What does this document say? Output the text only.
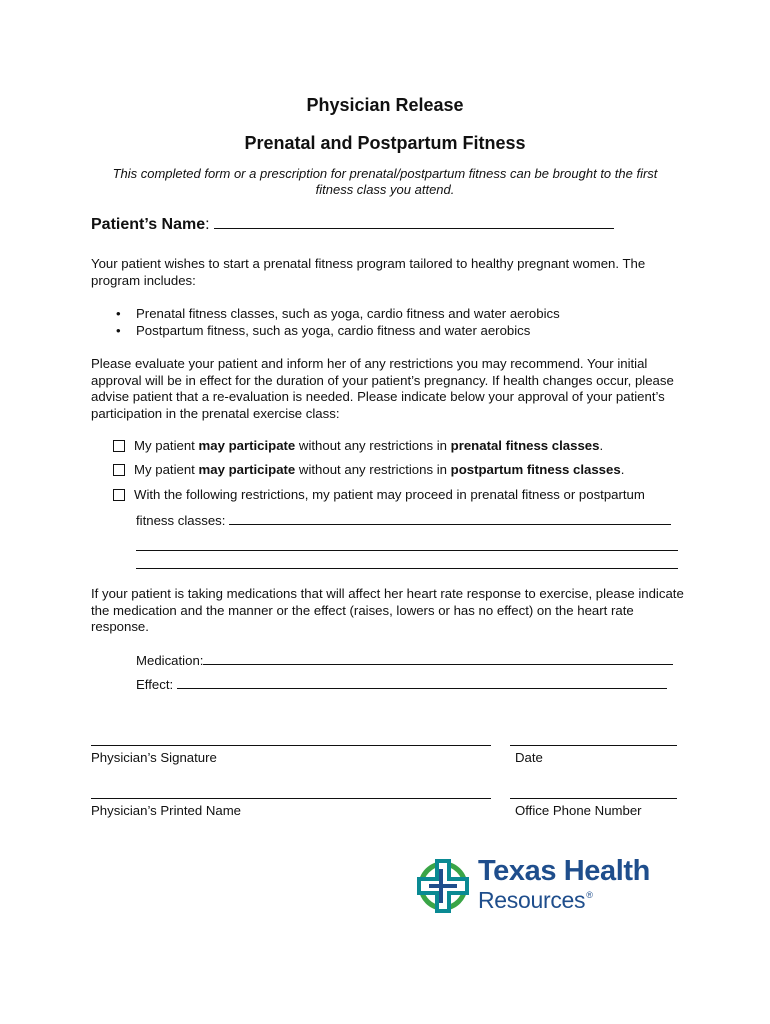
Physician Release
Prenatal and Postpartum Fitness
This completed form or a prescription for prenatal/postpartum fitness can be brought to the first fitness class you attend.
Patient’s Name:
Your patient wishes to start a prenatal fitness program tailored to healthy pregnant women. The program includes:
• Prenatal fitness classes, such as yoga, cardio fitness and water aerobics
• Postpartum fitness, such as yoga, cardio fitness and water aerobics
Please evaluate your patient and inform her of any restrictions you may recommend. Your initial approval will be in effect for the duration of your patient’s pregnancy. If health changes occur, please advise patient that a re-evaluation is needed. Please indicate below your approval of your patient’s participation in the prenatal exercise class:
My patient may participate without any restrictions in prenatal fitness classes.
My patient may participate without any restrictions in postpartum fitness classes.
With the following restrictions, my patient may proceed in prenatal fitness or postpartum
fitness classes:
If your patient is taking medications that will affect her heart rate response to exercise, please indicate the medication and the manner or the effect (raises, lowers or has no effect) on the heart rate response.
Medication:
Effect:
Physician’s Signature	Date
Physician’s Printed Name	Office Phone Number
Texas Health
Resources®
